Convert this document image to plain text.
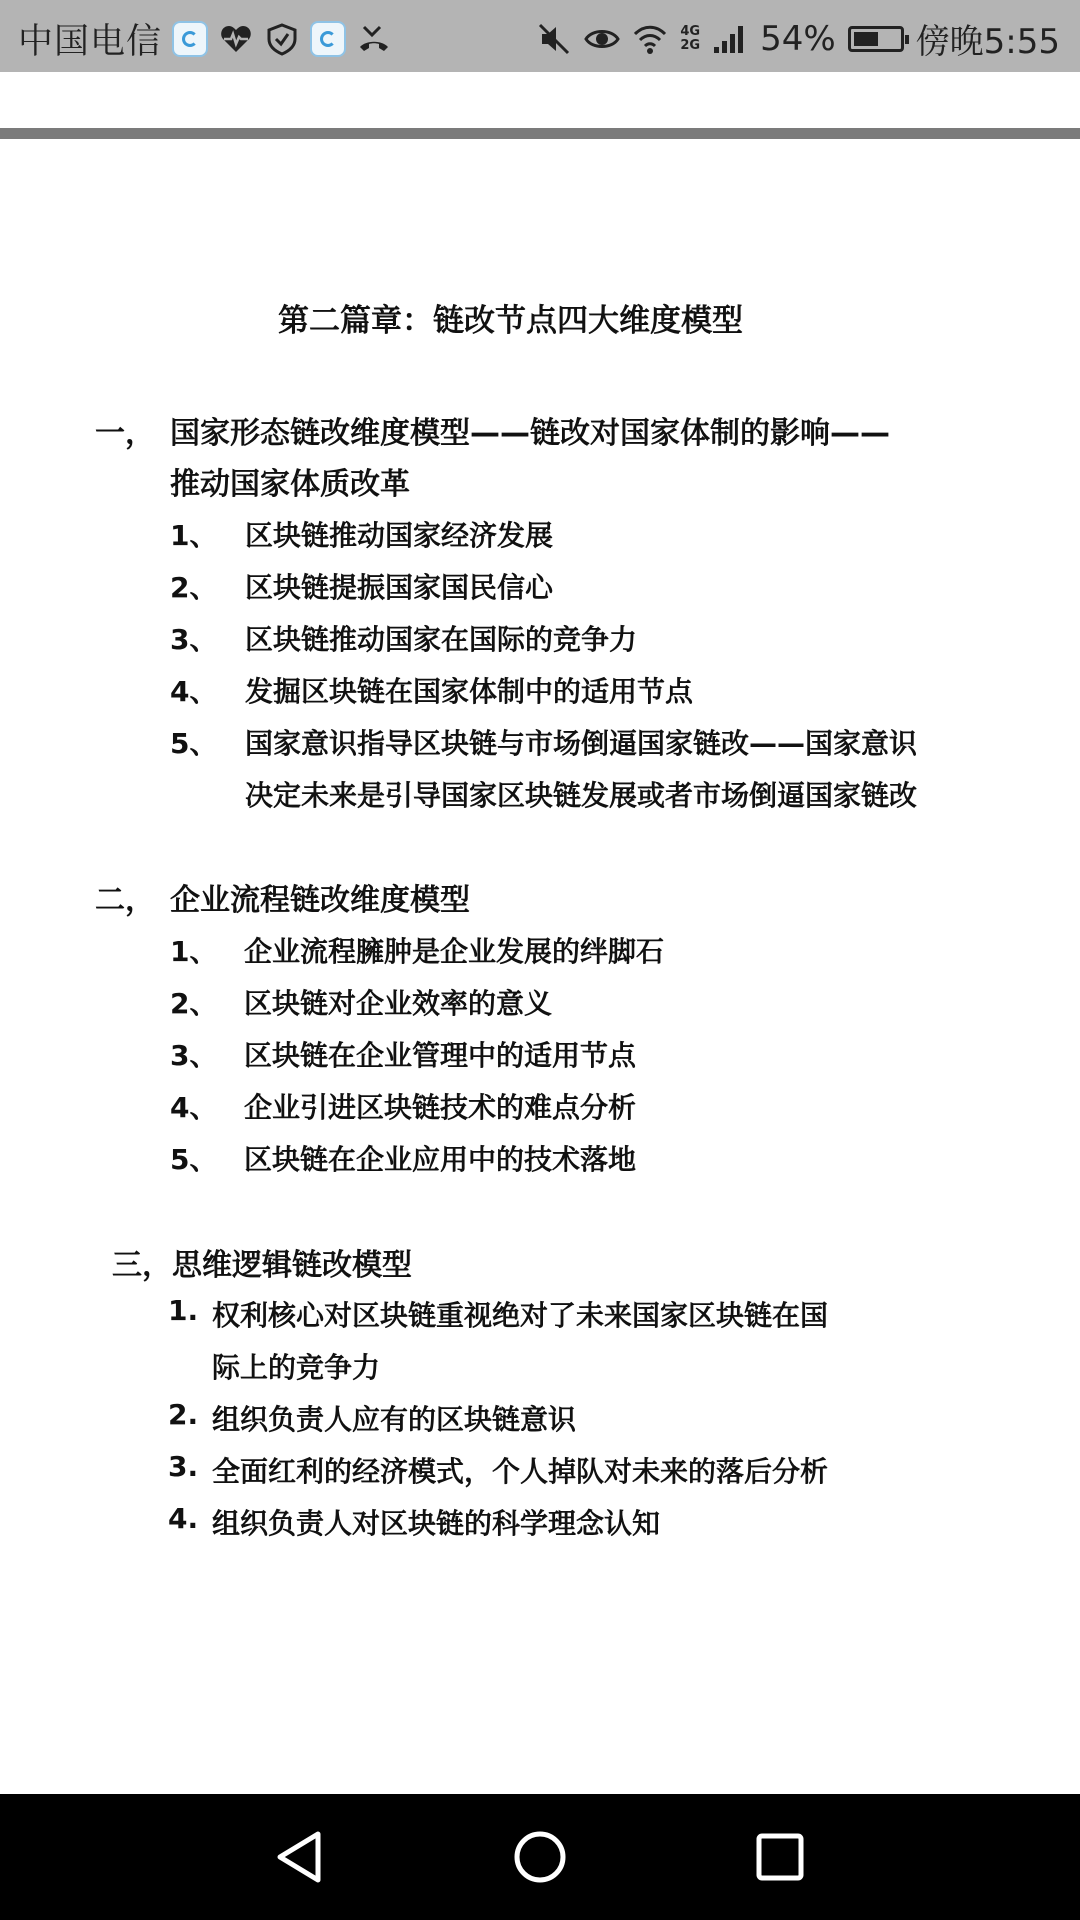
中国电信	4G
2G 54% 傍晚5:55
第二篇章：链改节点四大维度模型
一， 国家形态链改维度模型——链改对国家体制的影响——
推动国家体质改革
1、 区块链推动国家经济发展
2、 区块链提振国家国民信心
3、 区块链推动国家在国际的竞争力
4、 发掘区块链在国家体制中的适用节点
5、 国家意识指导区块链与市场倒逼国家链改——国家意识
决定未来是引导国家区块链发展或者市场倒逼国家链改
二， 企业流程链改维度模型
1、 企业流程臃肿是企业发展的绊脚石
2、 区块链对企业效率的意义
3、 区块链在企业管理中的适用节点
4、 企业引进区块链技术的难点分析
5、 区块链在企业应用中的技术落地
三，思维逻辑链改模型
1. 权利核心对区块链重视绝对了未来国家区块链在国
际上的竞争力
2. 组织负责人应有的区块链意识
3. 全面红利的经济模式，个人掉队对未来的落后分析
4. 组织负责人对区块链的科学理念认知
